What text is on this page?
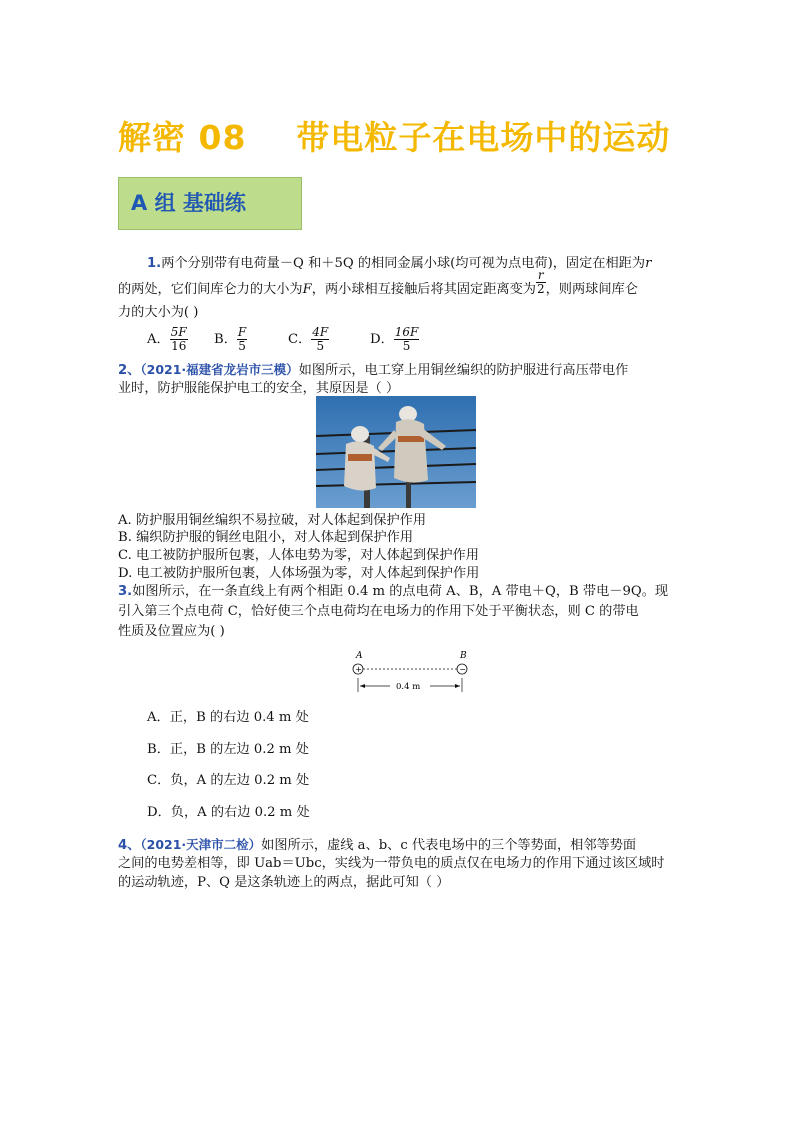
解密 08    带电粒子在电场中的运动
A 组 基础练
1.两个分别带有电荷量－Q 和＋5Q 的相同金属小球(均可视为点电荷)，固定在相距为r
的两处，它们间库仑力的大小为F，两小球相互接触后将其固定距离变为 $\frac{r}{2}$ ，则两球间库仑
力的大小为( )
A． $\frac{5F}{16}$ B． $\frac{F}{5}$	C． $\frac{4F}{5}$	D． $\frac{16F}{5}$
2、（2021·福建省龙岩市三模）如图所示，电工穿上用铜丝编织的防护服进行高压带电作
业时，防护服能保护电工的安全，其原因是（ ）
A. 防护服用铜丝编织不易拉破，对人体起到保护作用
B. 编织防护服的铜丝电阻小，对人体起到保护作用
C. 电工被防护服所包裹，人体电势为零，对人体起到保护作用
D. 电工被防护服所包裹，人体场强为零，对人体起到保护作用
3.如图所示，在一条直线上有两个相距 0.4 m 的点电荷 A、B，A 带电＋Q，B 带电－9Q。现
引入第三个点电荷 C，恰好使三个点电荷均在电场力的作用下处于平衡状态，则 C 的带电
性质及位置应为( )
A	B
+	−
0.4 m
A．正，B 的右边 0.4 m 处
B．正，B 的左边 0.2 m 处
C．负，A 的左边 0.2 m 处
D．负，A 的右边 0.2 m 处
4、（2021·天津市二检）如图所示，虚线 a、b、c 代表电场中的三个等势面，相邻等势面
之间的电势差相等，即 Uab＝Ubc，实线为一带负电的质点仅在电场力的作用下通过该区域时
的运动轨迹，P、Q 是这条轨迹上的两点，据此可知（ ）
